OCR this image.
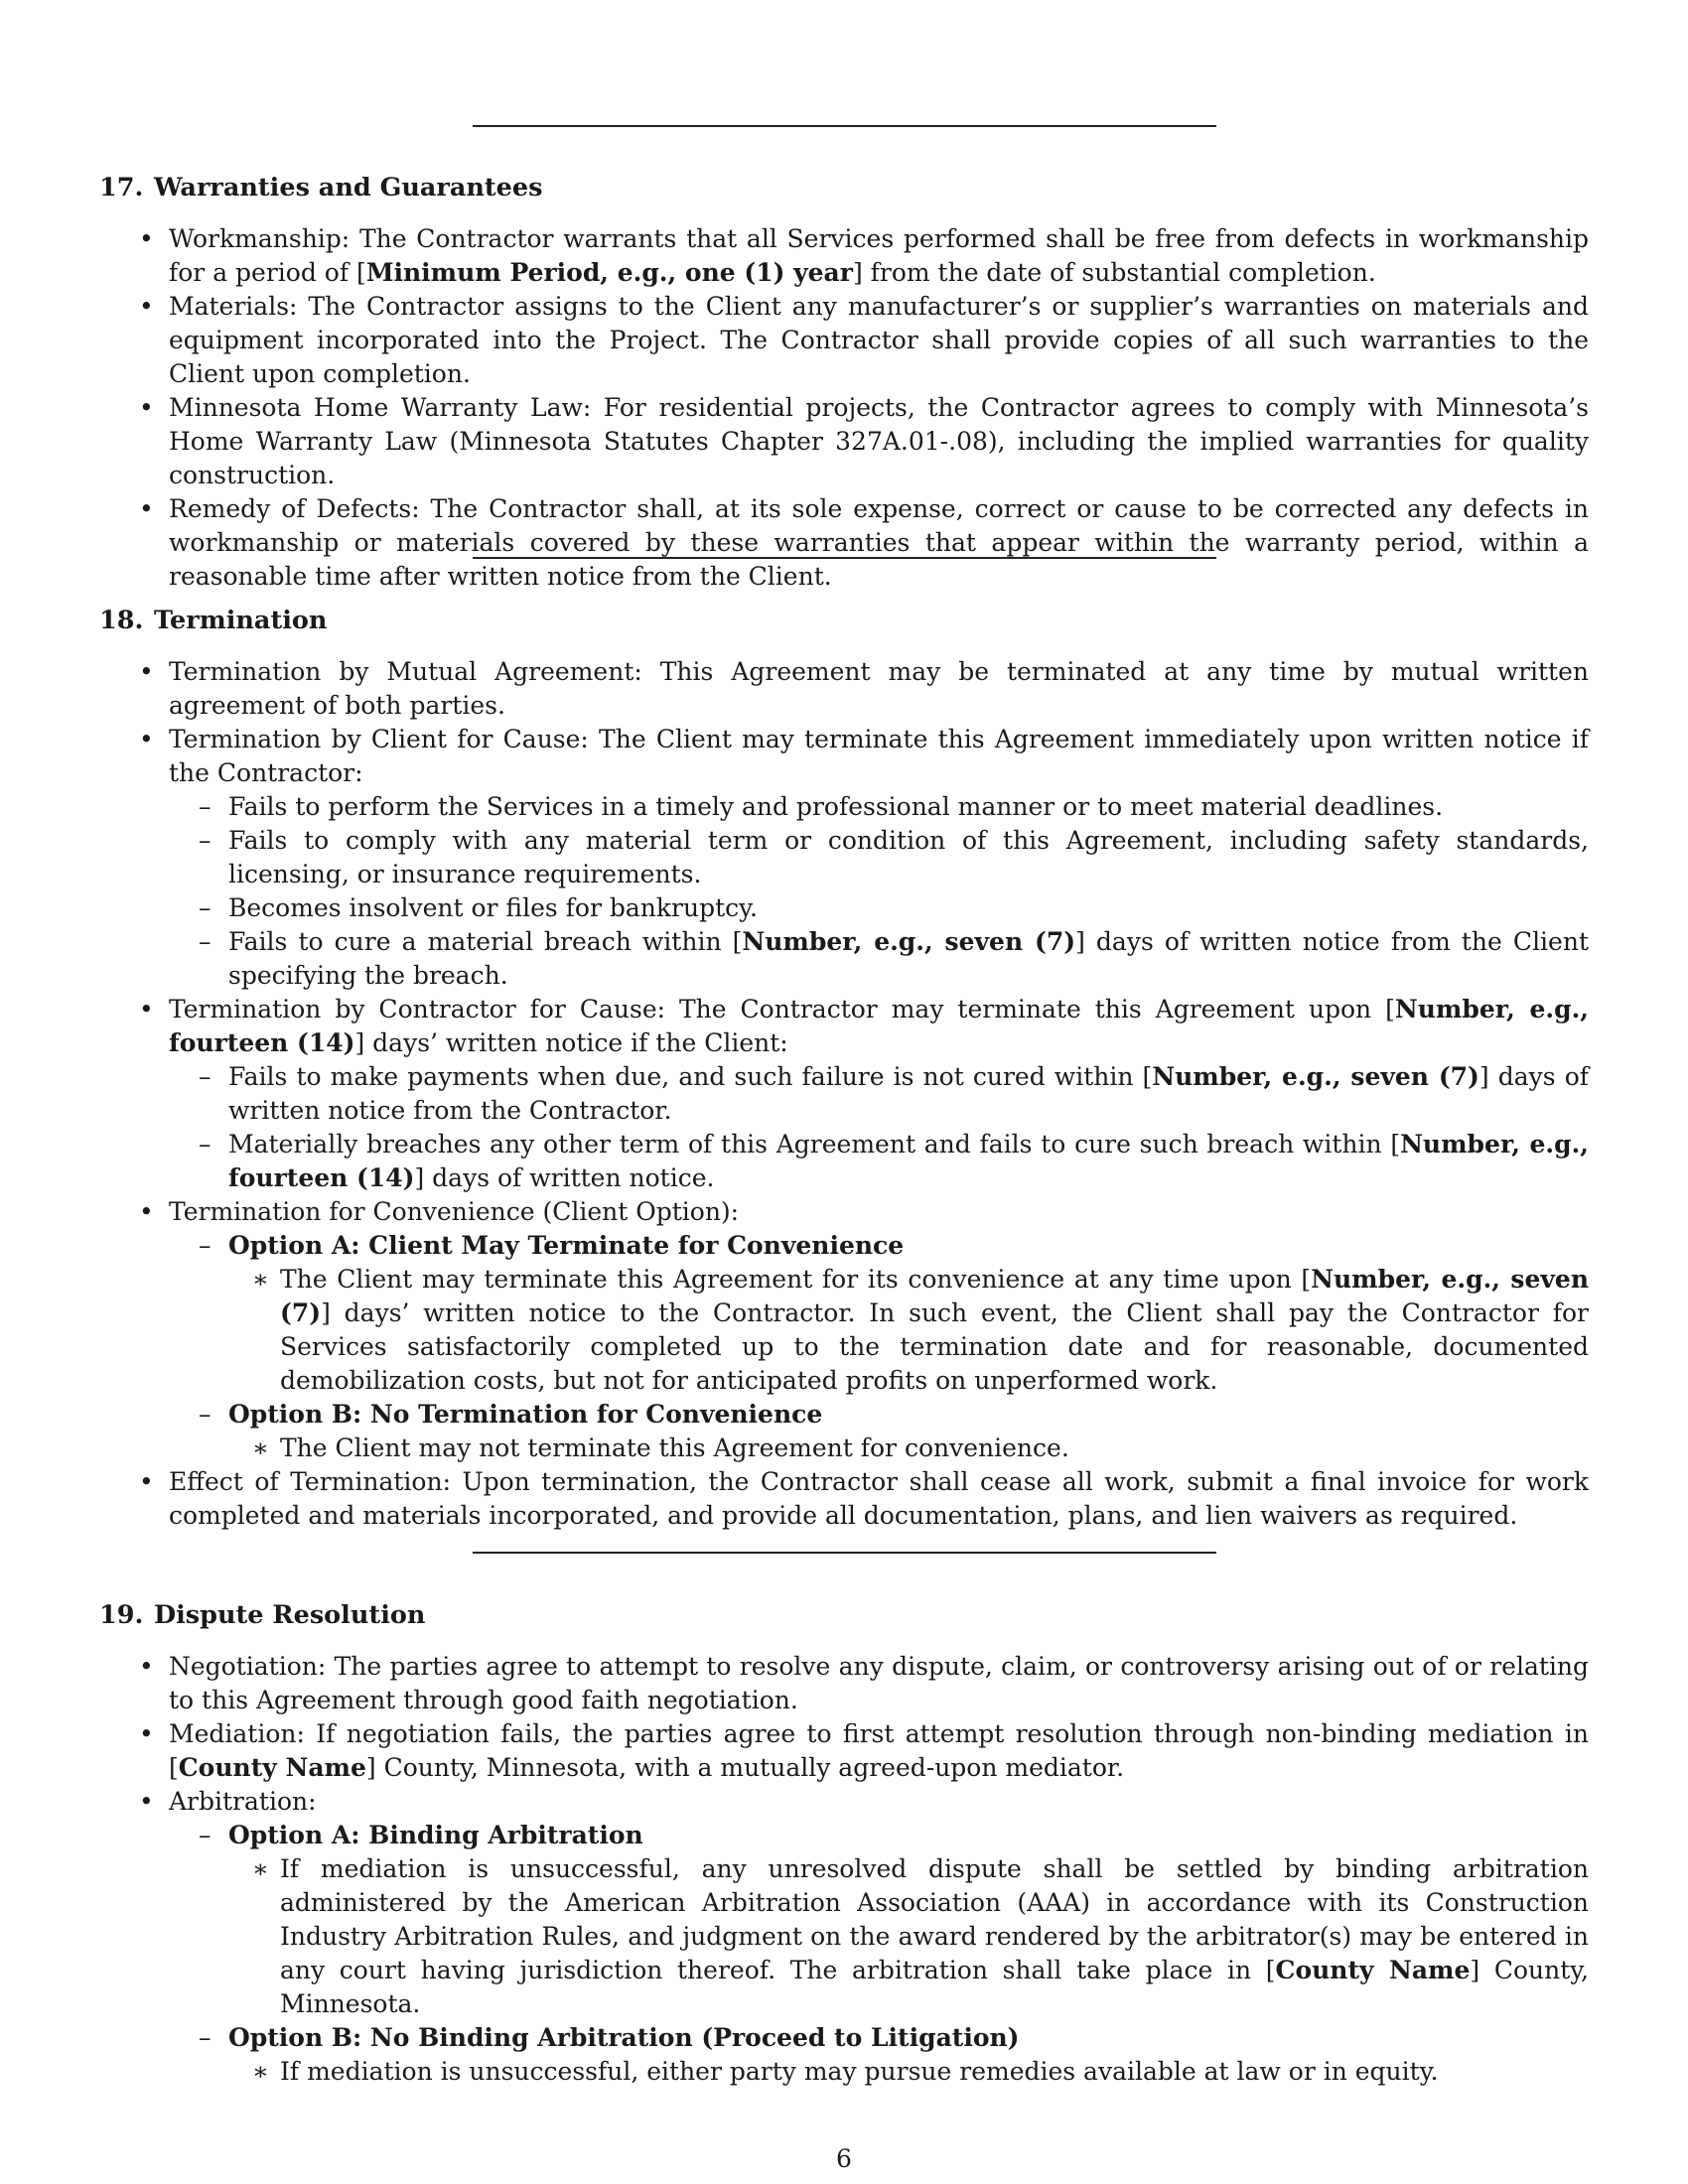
17. Warranties and Guarantees
• Workmanship: The Contractor warrants that all Services performed shall be free from defects in workmanship for a period of [Minimum Period, e.g., one (1) year] from the date of substantial completion.
• Materials: The Contractor assigns to the Client any manufacturer’s or supplier’s warranties on materials and equipment incorporated into the Project. The Contractor shall provide copies of all such warranties to the Client upon completion.
• Minnesota Home Warranty Law: For residential projects, the Contractor agrees to comply with Minnesota’s Home Warranty Law (Minnesota Statutes Chapter 327A.01-.08), including the implied warranties for quality construction.
• Remedy of Defects: The Contractor shall, at its sole expense, correct or cause to be corrected any defects in workmanship or materials covered by these warranties that appear within the warranty period, within a reasonable time after written notice from the Client.
18. Termination
• Termination by Mutual Agreement: This Agreement may be terminated at any time by mutual written agreement of both parties.
• Termination by Client for Cause: The Client may terminate this Agreement immediately upon written notice if the Contractor:
– Fails to perform the Services in a timely and professional manner or to meet material deadlines.
– Fails to comply with any material term or condition of this Agreement, including safety standards, licensing, or insurance requirements.
– Becomes insolvent or files for bankruptcy.
– Fails to cure a material breach within [Number, e.g., seven (7)] days of written notice from the Client specifying the breach.
• Termination by Contractor for Cause: The Contractor may terminate this Agreement upon [Number, e.g., fourteen (14)] days’ written notice if the Client:
– Fails to make payments when due, and such failure is not cured within [Number, e.g., seven (7)] days of written notice from the Contractor.
– Materially breaches any other term of this Agreement and fails to cure such breach within [Number, e.g., fourteen (14)] days of written notice.
• Termination for Convenience (Client Option):
– Option A: Client May Terminate for Convenience
∗ The Client may terminate this Agreement for its convenience at any time upon [Number, e.g., seven (7)] days’ written notice to the Contractor. In such event, the Client shall pay the Contractor for Services satisfactorily completed up to the termination date and for reasonable, documented demobilization costs, but not for anticipated profits on unperformed work.
– Option B: No Termination for Convenience
∗ The Client may not terminate this Agreement for convenience.
• Effect of Termination: Upon termination, the Contractor shall cease all work, submit a final invoice for work completed and materials incorporated, and provide all documentation, plans, and lien waivers as required.
19. Dispute Resolution
• Negotiation: The parties agree to attempt to resolve any dispute, claim, or controversy arising out of or relating to this Agreement through good faith negotiation.
• Mediation: If negotiation fails, the parties agree to first attempt resolution through non-binding mediation in [County Name] County, Minnesota, with a mutually agreed-upon mediator.
• Arbitration:
– Option A: Binding Arbitration
∗ If mediation is unsuccessful, any unresolved dispute shall be settled by binding arbitration administered by the American Arbitration Association (AAA) in accordance with its Construction Industry Arbitration Rules, and judgment on the award rendered by the arbitrator(s) may be entered in any court having jurisdiction thereof. The arbitration shall take place in [County Name] County, Minnesota.
– Option B: No Binding Arbitration (Proceed to Litigation)
∗ If mediation is unsuccessful, either party may pursue remedies available at law or in equity.
6
